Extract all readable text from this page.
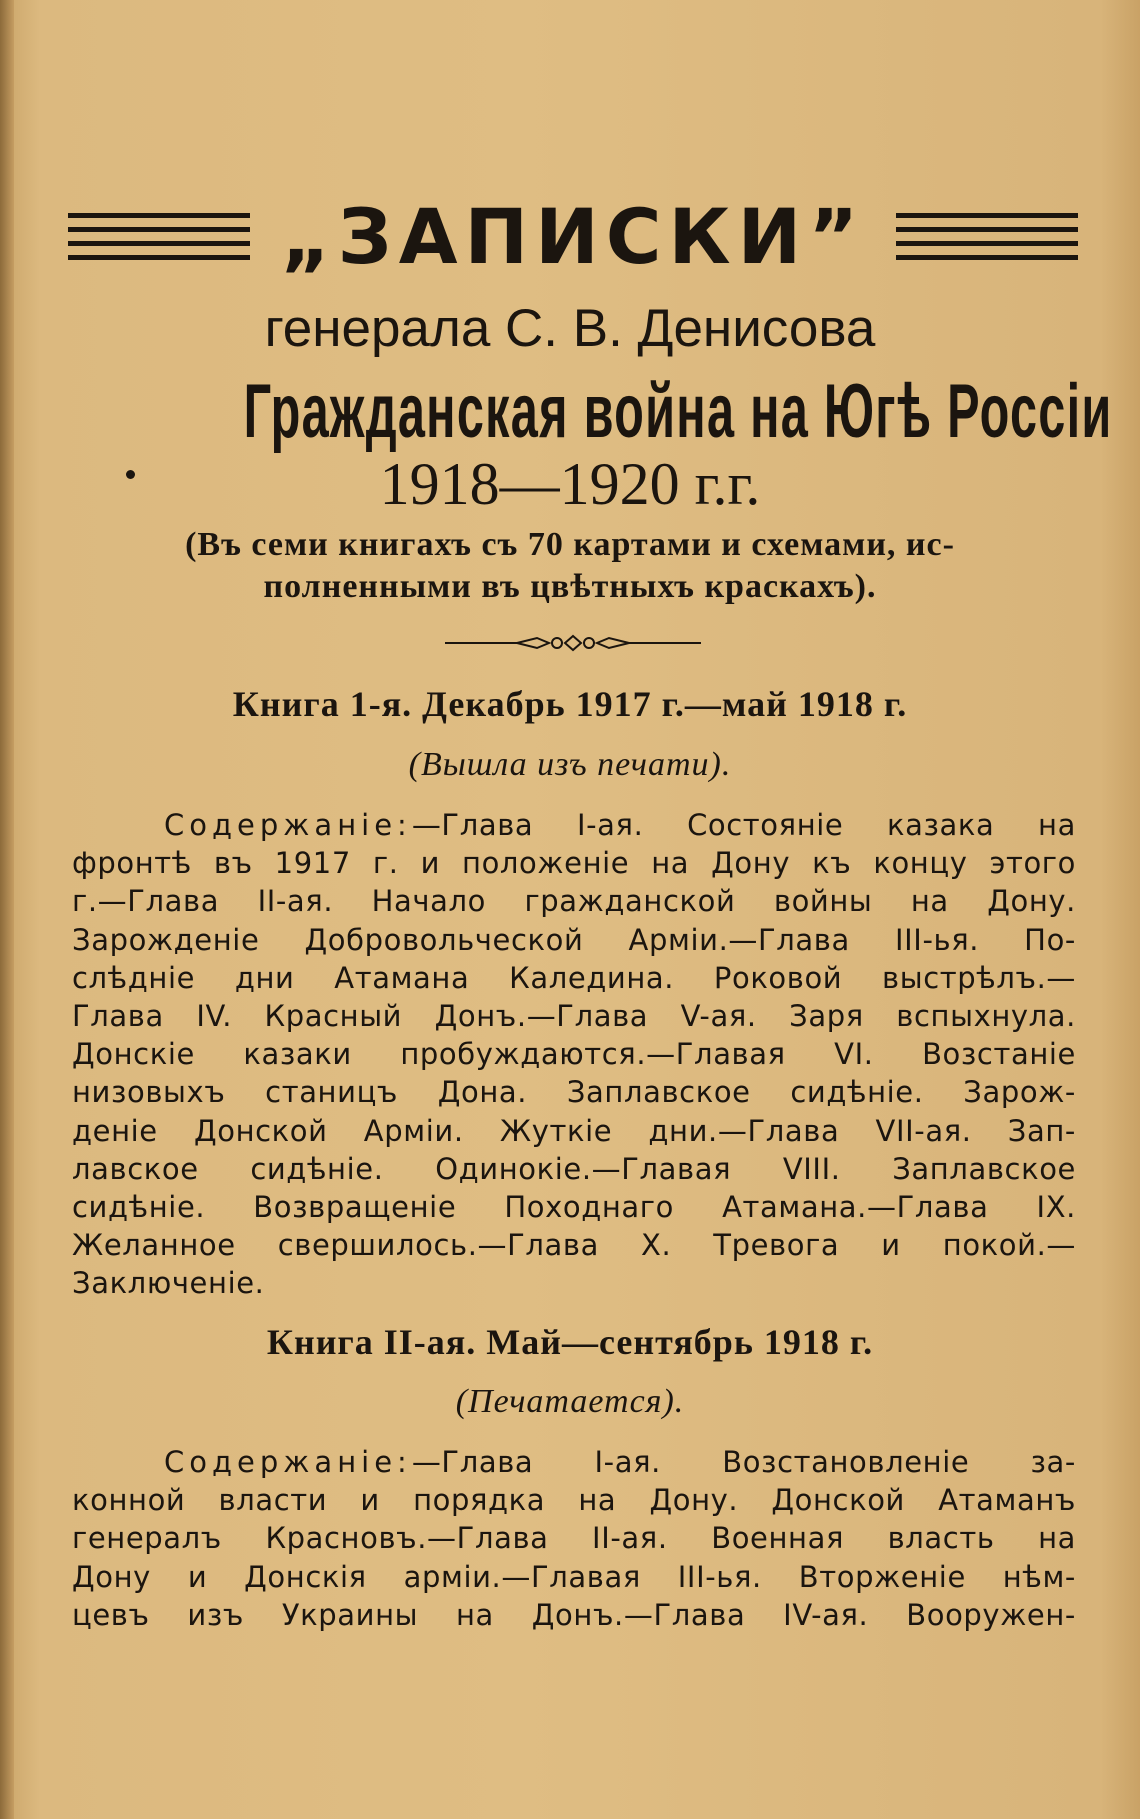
„ЗАПИСКИ”
генерала С. В. Денисова
Гражданская война на Югѣ Россіи
1918—1920 г.г.
(Въ семи книгахъ съ 70 картами и схемами, ис-
полненными въ цвѣтныхъ краскахъ).
Книга 1-я. Декабрь 1917 г.—май 1918 г.
(Вышла изъ печати).
Содержаніе:—Глава I-ая. Состояніе казака на
фронтѣ въ 1917 г. и положеніе на Дону къ концу этого
г.—Глава II-ая. Начало гражданской войны на Дону.
Зарожденіе Добровольческой Арміи.—Глава III-ья. По-
слѣдніе дни Атамана Каледина. Роковой выстрѣлъ.—
Глава IV. Красный Донъ.—Глава V-ая. Заря вспыхнула.
Донскіе казаки пробуждаются.—Главая VI. Возстаніе
низовыхъ станицъ Дона. Заплавское сидѣніе. Зарож-
деніе Донской Арміи. Жуткіе дни.—Глава VII-ая. Зап-
лавское сидѣніе. Одинокіе.—Главая VIII. Заплавское
сидѣніе. Возвращеніе Походнаго Атамана.—Глава IX.
Желанное свершилось.—Глава X. Тревога и покой.—
Заключеніе.
Книга II-ая. Май—сентябрь 1918 г.
(Печатается).
Содержаніе:—Глава I-ая. Возстановленіе за-
конной власти и порядка на Дону. Донской Атаманъ
генералъ Красновъ.—Глава II-ая. Военная власть на
Дону и Донскія арміи.—Главая III-ья. Вторженіе нѣм-
цевъ изъ Украины на Донъ.—Глава IV-ая. Вооружен-
